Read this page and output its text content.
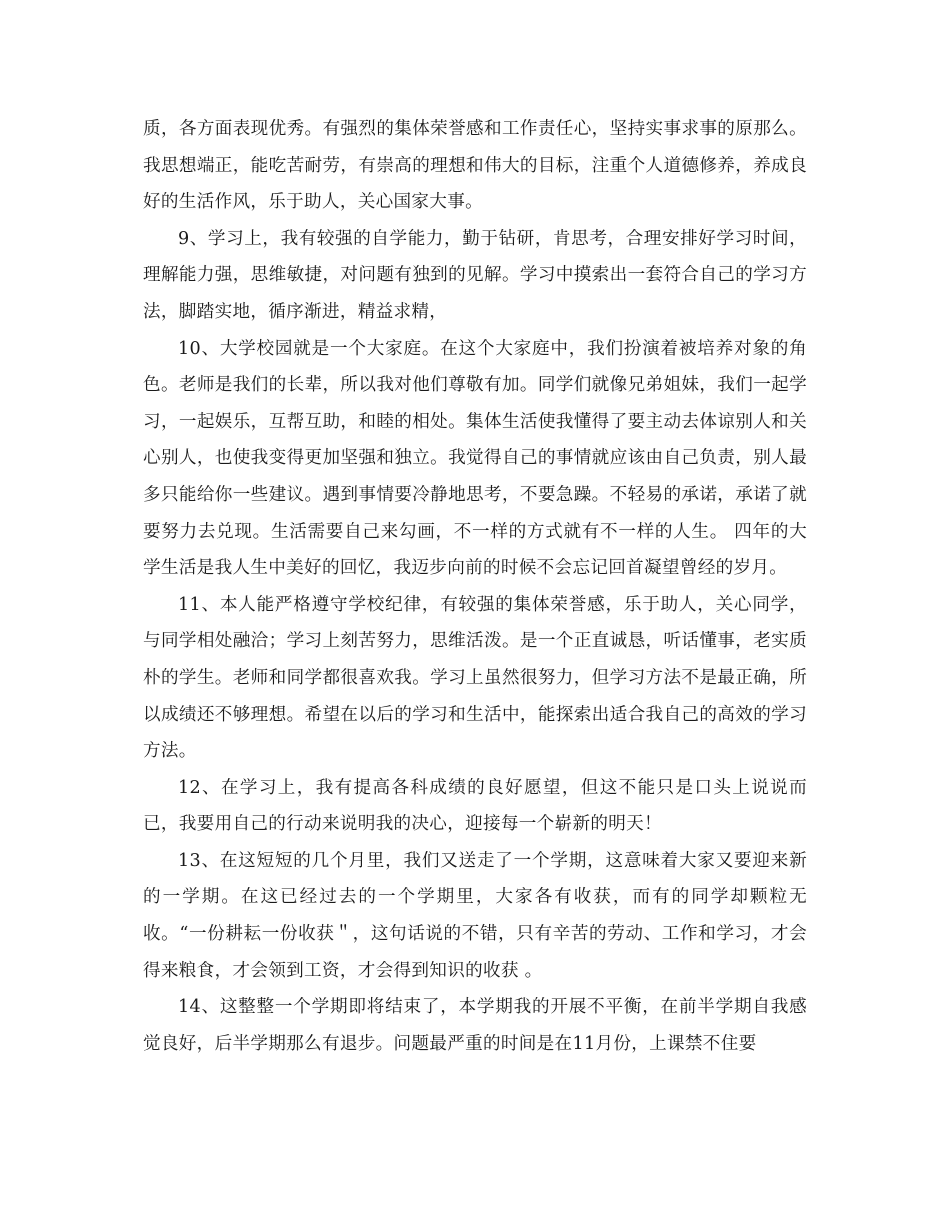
质，各方面表现优秀。有强烈的集体荣誉感和工作责任心，坚持实事求事的原那么。我思想端正，能吃苦耐劳，有崇高的理想和伟大的目标，注重个人道德修养，养成良好的生活作风，乐于助人，关心国家大事。

9、学习上，我有较强的自学能力，勤于钻研，肯思考，合理安排好学习时间，理解能力强，思维敏捷，对问题有独到的见解。学习中摸索出一套符合自己的学习方法，脚踏实地，循序渐进，精益求精，

10、大学校园就是一个大家庭。在这个大家庭中，我们扮演着被培养对象的角色。老师是我们的长辈，所以我对他们尊敬有加。同学们就像兄弟姐妹，我们一起学习，一起娱乐，互帮互助，和睦的相处。集体生活使我懂得了要主动去体谅别人和关心别人，也使我变得更加坚强和独立。我觉得自己的事情就应该由自己负责，别人最多只能给你一些建议。遇到事情要冷静地思考，不要急躁。不轻易的承诺，承诺了就要努力去兑现。生活需要自己来勾画，不一样的方式就有不一样的人生。 四年的大学生活是我人生中美好的回忆，我迈步向前的时候不会忘记回首凝望曾经的岁月。

11、本人能严格遵守学校纪律，有较强的集体荣誉感，乐于助人，关心同学，与同学相处融洽；学习上刻苦努力，思维活泼。是一个正直诚恳，听话懂事，老实质朴的学生。老师和同学都很喜欢我。学习上虽然很努力，但学习方法不是最正确，所以成绩还不够理想。希望在以后的学习和生活中，能探索出适合我自己的高效的学习方法。

12、在学习上，我有提高各科成绩的良好愿望，但这不能只是口头上说说而已，我要用自己的行动来说明我的决心，迎接每一个崭新的明天！

13、在这短短的几个月里，我们又送走了一个学期，这意味着大家又要迎来新的一学期。在这已经过去的一个学期里，大家各有收获，而有的同学却颗粒无收。“一份耕耘一份收获＂，这句话说的不错，只有辛苦的劳动、工作和学习，才会得来粮食，才会领到工资，才会得到知识的收获 。

14、这整整一个学期即将结束了，本学期我的开展不平衡，在前半学期自我感觉良好，后半学期那么有退步。问题最严重的时间是在11月份，上课禁不住要
